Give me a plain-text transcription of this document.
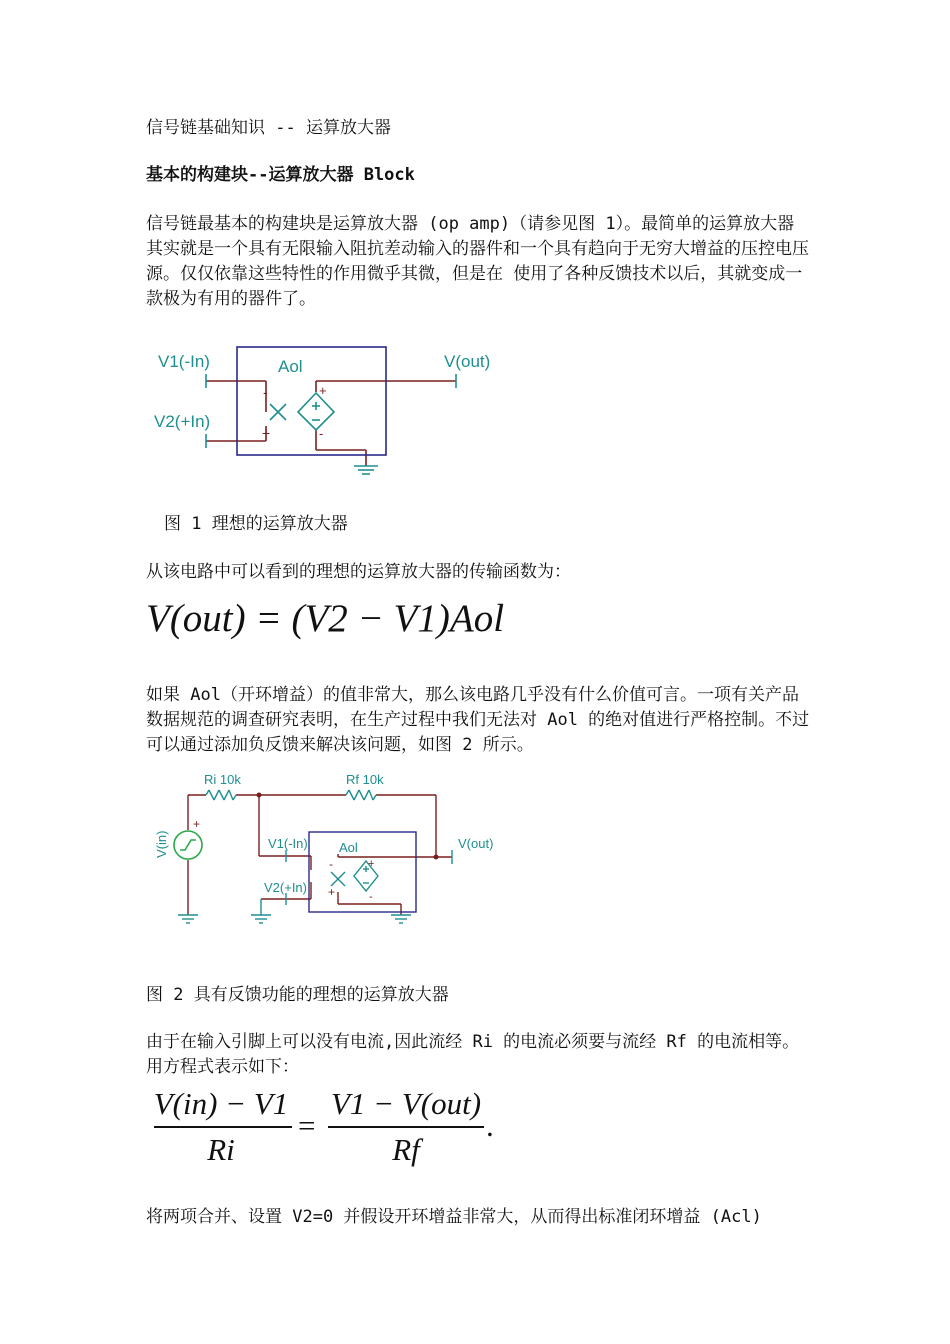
信号链基础知识 -- 运算放大器

基本的构建块--运算放大器 Block

信号链最基本的构建块是运算放大器 (op amp)（请参见图 1）。最简单的运算放大器其实就是一个具有无限输入阻抗差动输入的器件和一个具有趋向于无穷大增益的压控电压源。仅仅依靠这些特性的作用微乎其微，但是在 使用了各种反馈技术以后，其就变成一款极为有用的器件了。

V1(-In)
V2(+In)
Aol	V(out)
-
+
+
-

图 1 理想的运算放大器

从该电路中可以看到的理想的运算放大器的传输函数为：

V(out) = (V2 − V1)Aol

如果 Aol（开环增益）的值非常大，那么该电路几乎没有什么价值可言。一项有关产品数据规范的调查研究表明，在生产过程中我们无法对 Aol 的绝对值进行严格控制。不过可以通过添加负反馈来解决该问题，如图 2 所示。

Ri 10k	Rf 10k
V(in)
+
V1(-In)
V2(+In)
Aol	V(out)
-
+
+
-

图 2 具有反馈功能的理想的运算放大器

由于在输入引脚上可以没有电流,因此流经 Ri 的电流必须要与流经 Rf 的电流相等。用方程式表示如下：

V(in) − V1
Ri
=
V1 − V(out)
Rf
.

将两项合并、设置 V2=0 并假设开环增益非常大，从而得出标准闭环增益 (Acl)
